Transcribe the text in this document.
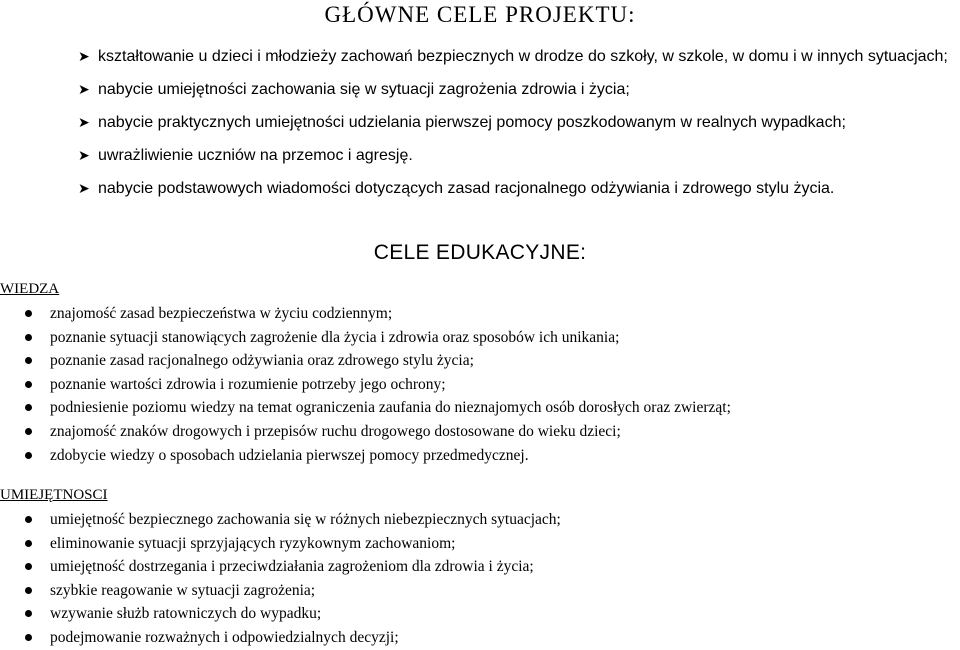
GŁÓWNE CELE PROJEKTU:
➤ kształtowanie u dzieci i młodzieży zachowań bezpiecznych w drodze do szkoły, w szkole, w domu i w innych sytuacjach;
➤ nabycie umiejętności zachowania się w sytuacji zagrożenia zdrowia i życia;
➤ nabycie praktycznych umiejętności udzielania pierwszej pomocy poszkodowanym w realnych wypadkach;
➤ uwrażliwienie uczniów na przemoc i agresję.
➤ nabycie podstawowych wiadomości dotyczących zasad racjonalnego odżywiania i zdrowego stylu życia.
CELE EDUKACYJNE:
WIEDZA
znajomość zasad bezpieczeństwa w życiu codziennym;
poznanie sytuacji stanowiących zagrożenie dla życia i zdrowia oraz sposobów ich unikania;
poznanie zasad racjonalnego odżywiania oraz zdrowego stylu życia;
poznanie wartości zdrowia i rozumienie potrzeby jego ochrony;
podniesienie poziomu wiedzy na temat ograniczenia zaufania do nieznajomych osób dorosłych oraz zwierząt;
znajomość znaków drogowych i przepisów ruchu drogowego dostosowane do wieku dzieci;
zdobycie wiedzy o sposobach udzielania pierwszej pomocy przedmedycznej.
UMIEJĘTNOSCI
umiejętność bezpiecznego zachowania się w różnych niebezpiecznych sytuacjach;
eliminowanie sytuacji sprzyjających ryzykownym zachowaniom;
umiejętność dostrzegania i przeciwdziałania zagrożeniom dla zdrowia i życia;
szybkie reagowanie w sytuacji zagrożenia;
wzywanie służb ratowniczych do wypadku;
podejmowanie rozważnych i odpowiedzialnych decyzji;
